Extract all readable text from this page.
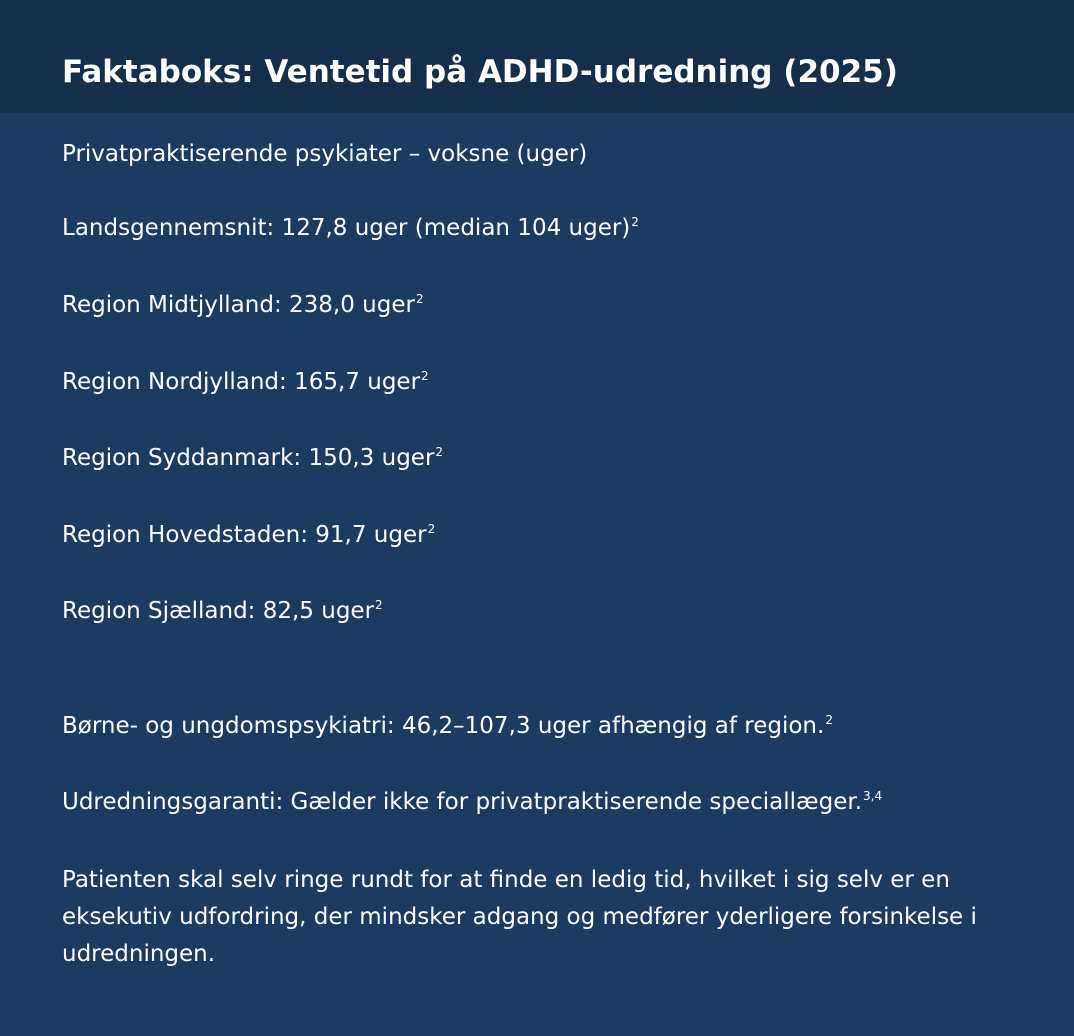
Faktaboks: Ventetid på ADHD-udredning (2025)

Privatpraktiserende psykiater – voksne (uger)

Landsgennemsnit: 127,8 uger (median 104 uger)$^2$

Region Midtjylland: 238,0 uger$^2$

Region Nordjylland: 165,7 uger$^2$

Region Syddanmark: 150,3 uger$^2$

Region Hovedstaden: 91,7 uger$^2$

Region Sjælland: 82,5 uger$^2$

Børne- og ungdomspsykiatri: 46,2–107,3 uger afhængig af region.$^2$

Udredningsgaranti: Gælder ikke for privatpraktiserende speciallæger.$^{3,4}$

Patienten skal selv ringe rundt for at finde en ledig tid, hvilket i sig selv er en eksekutiv udfordring, der mindsker adgang og medfører yderligere forsinkelse i udredningen.
